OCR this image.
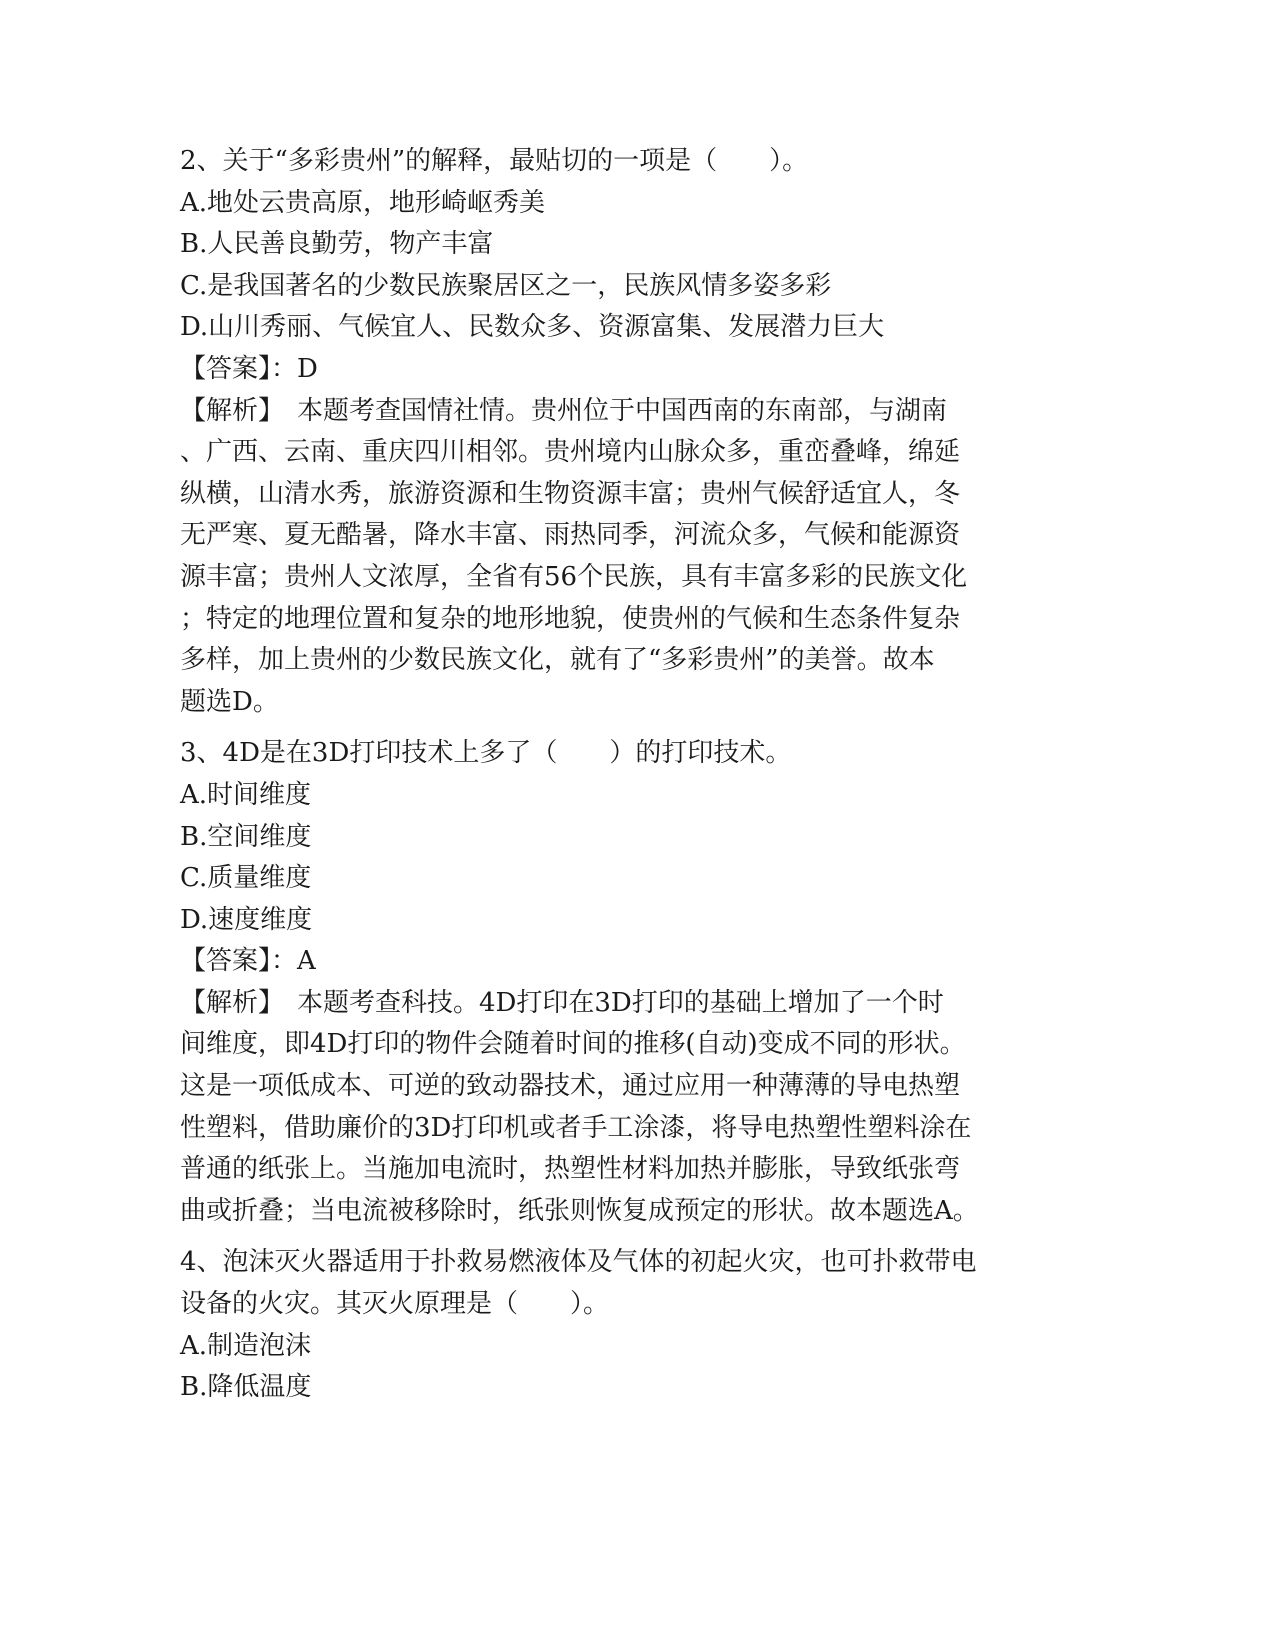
2、关于“多彩贵州”的解释，最贴切的一项是（　　）。
A.地处云贵高原，地形崎岖秀美
B.人民善良勤劳，物产丰富
C.是我国著名的少数民族聚居区之一，民族风情多姿多彩
D.山川秀丽、气候宜人、民数众多、资源富集、发展潜力巨大
【答案】：D
【解析】　本题考查国情社情。贵州位于中国西南的东南部，与湖南
、广西、云南、重庆四川相邻。贵州境内山脉众多，重峦叠峰，绵延
纵横，山清水秀，旅游资源和生物资源丰富；贵州气候舒适宜人，冬
无严寒、夏无酷暑，降水丰富、雨热同季，河流众多，气候和能源资
源丰富；贵州人文浓厚，全省有56个民族，具有丰富多彩的民族文化
；特定的地理位置和复杂的地形地貌，使贵州的气候和生态条件复杂
多样，加上贵州的少数民族文化，就有了“多彩贵州”的美誉。故本
题选D。
3、4D是在3D打印技术上多了（　　）的打印技术。
A.时间维度
B.空间维度
C.质量维度
D.速度维度
【答案】：A
【解析】　本题考查科技。4D打印在3D打印的基础上增加了一个时
间维度，即4D打印的物件会随着时间的推移(自动)变成不同的形状。
这是一项低成本、可逆的致动器技术，通过应用一种薄薄的导电热塑
性塑料，借助廉价的3D打印机或者手工涂漆，将导电热塑性塑料涂在
普通的纸张上。当施加电流时，热塑性材料加热并膨胀，导致纸张弯
曲或折叠；当电流被移除时，纸张则恢复成预定的形状。故本题选A。
4、泡沫灭火器适用于扑救易燃液体及气体的初起火灾，也可扑救带电
设备的火灾。其灭火原理是（　　）。
A.制造泡沫
B.降低温度
